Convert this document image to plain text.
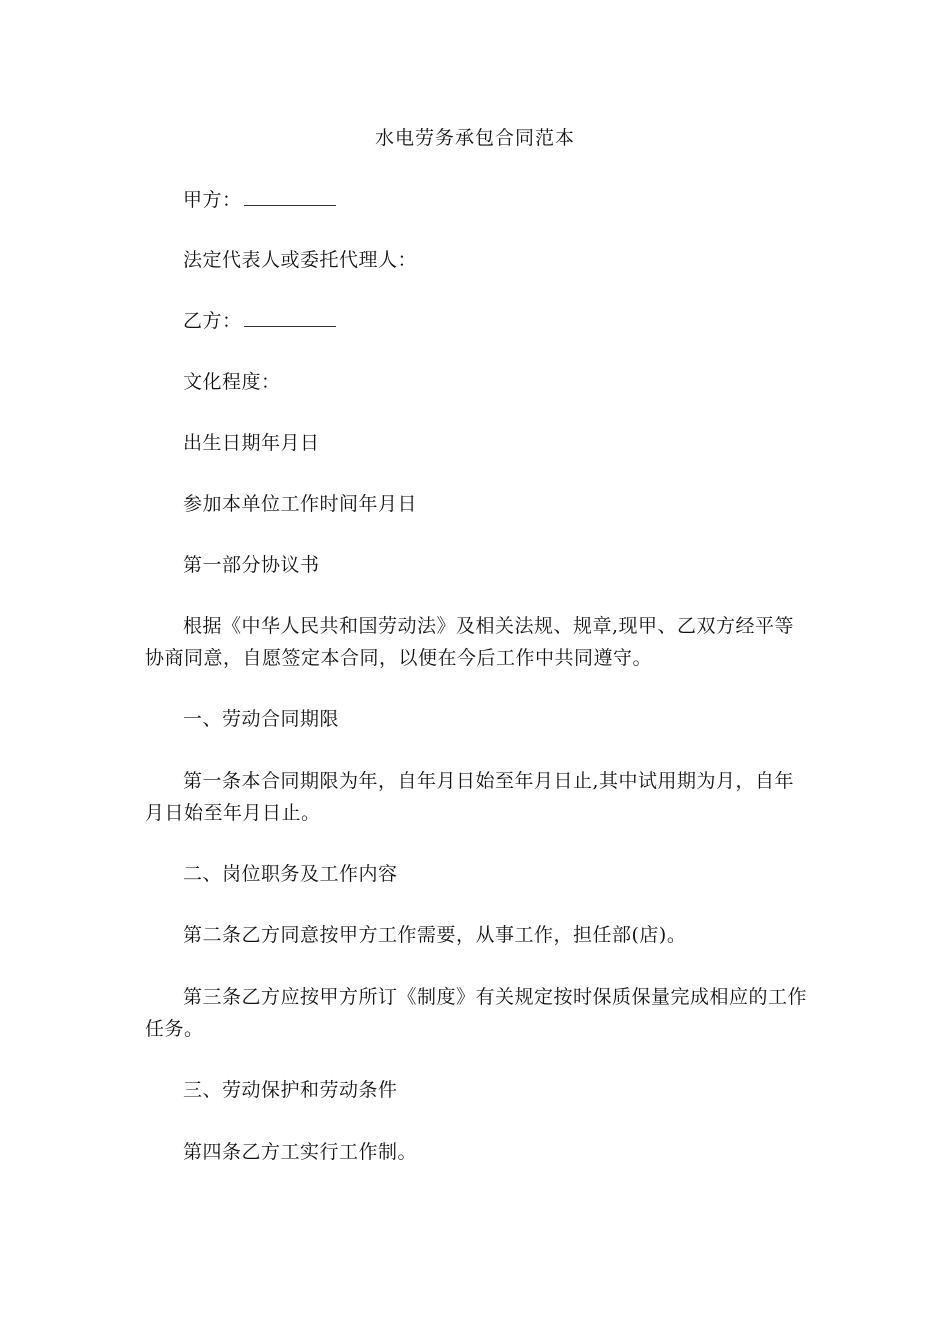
水电劳务承包合同范本
甲方：
法定代表人或委托代理人：
乙方：
文化程度：
出生日期年月日
参加本单位工作时间年月日
第一部分协议书
根据《中华人民共和国劳动法》及相关法规、规章,现甲、乙双方经平等协商同意，自愿签定本合同，以便在今后工作中共同遵守。
一、劳动合同期限
第一条本合同期限为年，自年月日始至年月日止,其中试用期为月，自年月日始至年月日止。
二、岗位职务及工作内容
第二条乙方同意按甲方工作需要，从事工作，担任部(店)。
第三条乙方应按甲方所订《制度》有关规定按时保质保量完成相应的工作任务。
三、劳动保护和劳动条件
第四条乙方工实行工作制。
